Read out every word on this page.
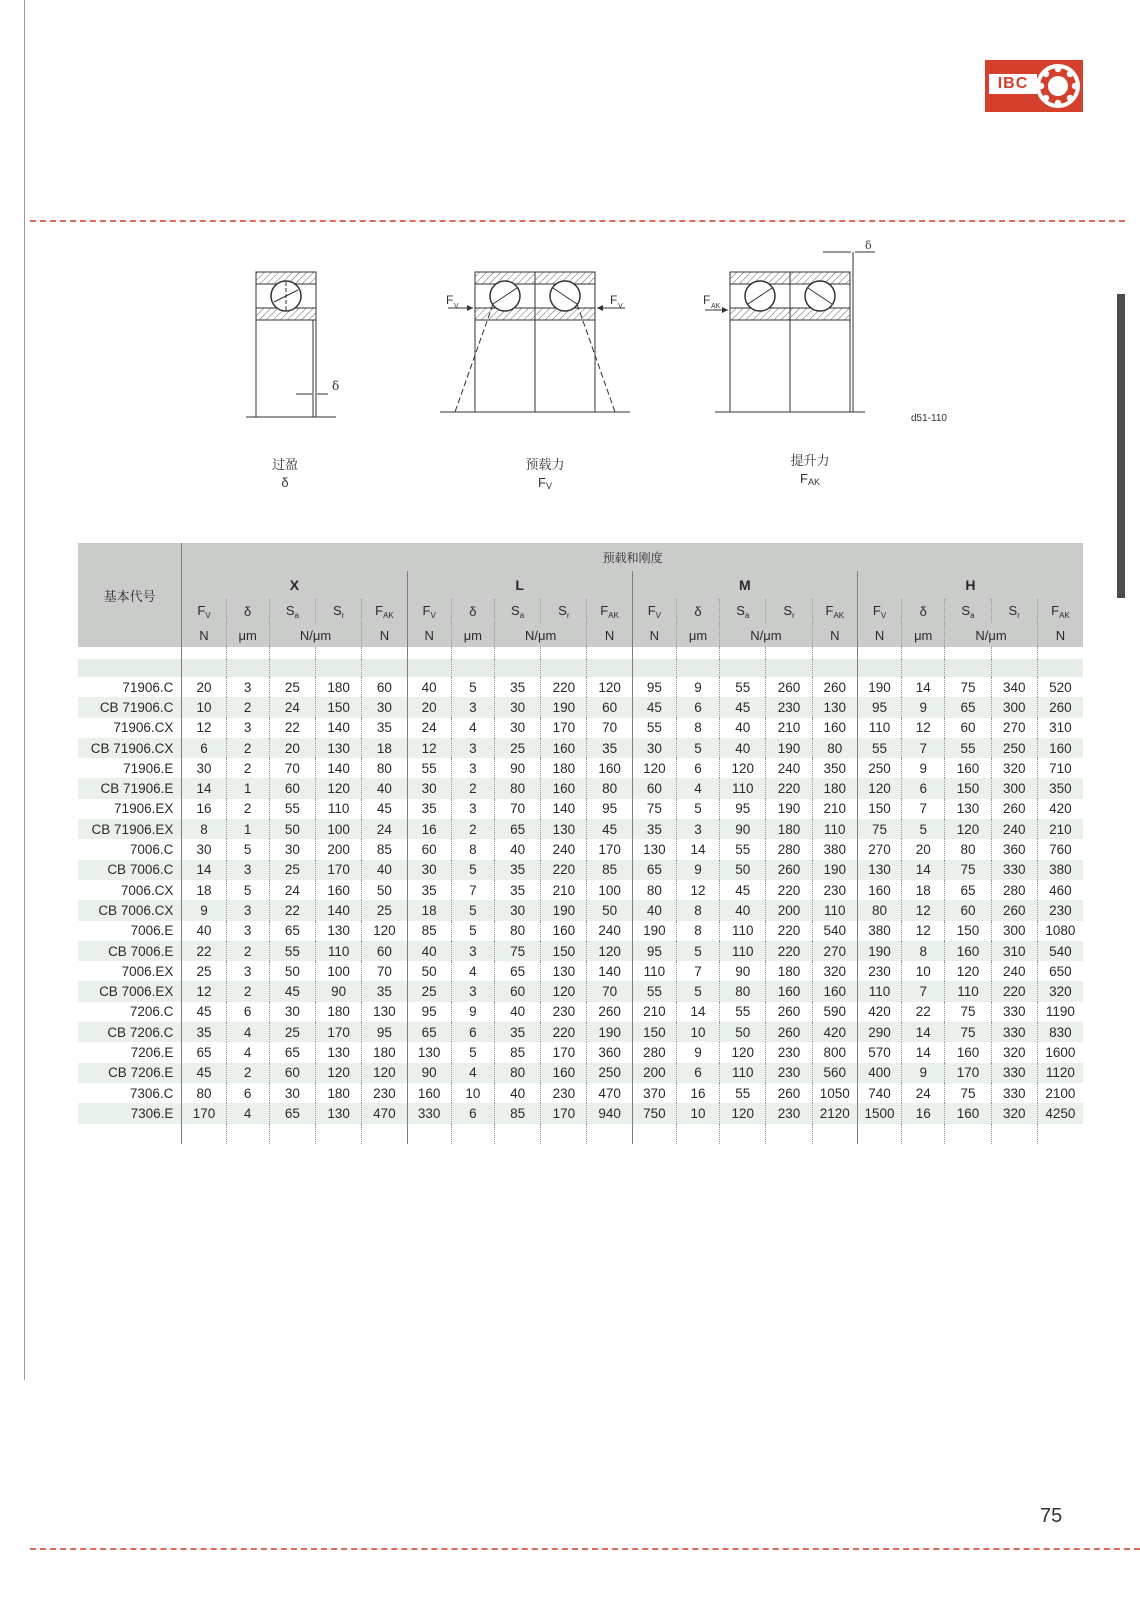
IBC
δ
过盈
δ
F V	F V
预载力
$F_V$
δ
F AK
d51-110
提升力
$F_{AK}$
基本代号	预载和刚度																			
	X					L					M					H				
	$F_V$	δ	$S_a$	$S_r$	$F_{AK}$	$F_V$	δ	$S_a$	$S_r$	$F_{AK}$	$F_V$	δ	$S_a$	$S_r$	$F_{AK}$	$F_V$	δ	$S_a$	$S_r$	$F_{AK}$
	N	μm	N/μm		N	N	μm	N/μm		N	N	μm	N/μm		N	N	μm	N/μm		N

71906.C	20	3	25	180	60	40	5	35	220	120	95	9	55	260	260	190	14	75	340	520
CB 71906.C	10	2	24	150	30	20	3	30	190	60	45	6	45	230	130	95	9	65	300	260
71906.CX	12	3	22	140	35	24	4	30	170	70	55	8	40	210	160	110	12	60	270	310
CB 71906.CX	6	2	20	130	18	12	3	25	160	35	30	5	40	190	80	55	7	55	250	160
71906.E	30	2	70	140	80	55	3	90	180	160	120	6	120	240	350	250	9	160	320	710
CB 71906.E	14	1	60	120	40	30	2	80	160	80	60	4	110	220	180	120	6	150	300	350
71906.EX	16	2	55	110	45	35	3	70	140	95	75	5	95	190	210	150	7	130	260	420
CB 71906.EX	8	1	50	100	24	16	2	65	130	45	35	3	90	180	110	75	5	120	240	210
7006.C	30	5	30	200	85	60	8	40	240	170	130	14	55	280	380	270	20	80	360	760
CB 7006.C	14	3	25	170	40	30	5	35	220	85	65	9	50	260	190	130	14	75	330	380
7006.CX	18	5	24	160	50	35	7	35	210	100	80	12	45	220	230	160	18	65	280	460
CB 7006.CX	9	3	22	140	25	18	5	30	190	50	40	8	40	200	110	80	12	60	260	230
7006.E	40	3	65	130	120	85	5	80	160	240	190	8	110	220	540	380	12	150	300	1080
CB 7006.E	22	2	55	110	60	40	3	75	150	120	95	5	110	220	270	190	8	160	310	540
7006.EX	25	3	50	100	70	50	4	65	130	140	110	7	90	180	320	230	10	120	240	650
CB 7006.EX	12	2	45	90	35	25	3	60	120	70	55	5	80	160	160	110	7	110	220	320
7206.C	45	6	30	180	130	95	9	40	230	260	210	14	55	260	590	420	22	75	330	1190
CB 7206.C	35	4	25	170	95	65	6	35	220	190	150	10	50	260	420	290	14	75	330	830
7206.E	65	4	65	130	180	130	5	85	170	360	280	9	120	230	800	570	14	160	320	1600
CB 7206.E	45	2	60	120	120	90	4	80	160	250	200	6	110	230	560	400	9	170	330	1120
7306.C	80	6	30	180	230	160	10	40	230	470	370	16	55	260	1050	740	24	75	330	2100
7306.E	170	4	65	130	470	330	6	85	170	940	750	10	120	230	2120	1500	16	160	320	4250

75
